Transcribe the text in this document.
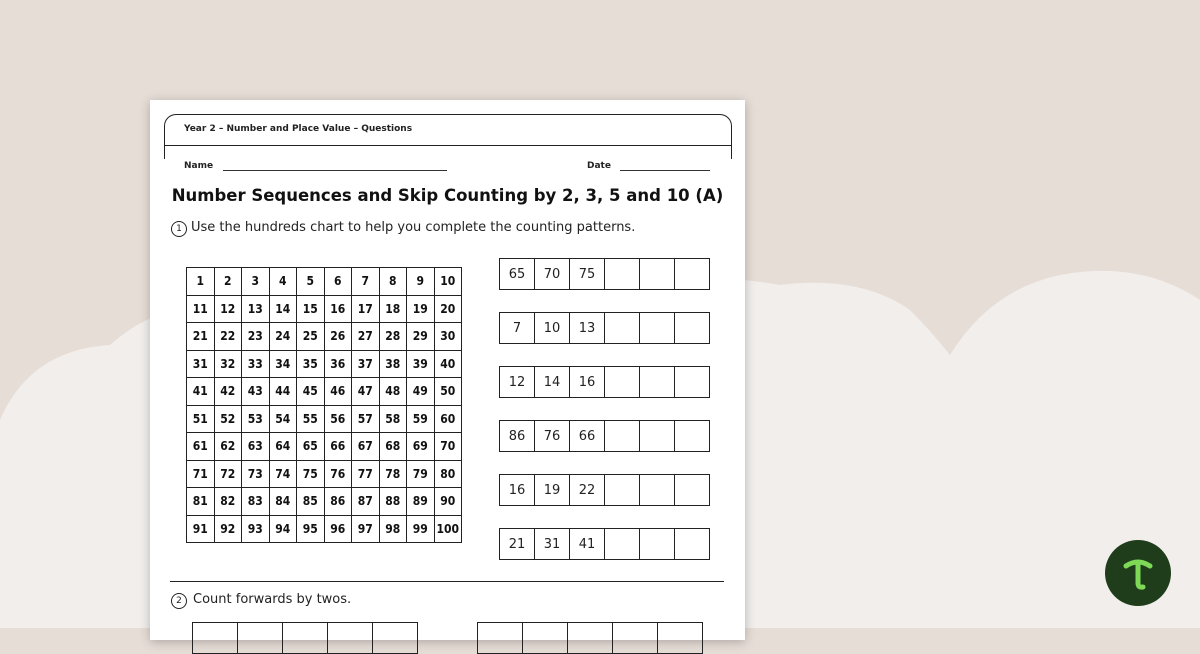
Year 2 – Number and Place Value – Questions
Name	Date
Number Sequences and Skip Counting by 2, 3, 5 and 10 (A)
1 Use the hundreds chart to help you complete the counting patterns.
1	2	3	4	5	6	7	8	9	10
11	12	13	14	15	16	17	18	19	20
21	22	23	24	25	26	27	28	29	30
31	32	33	34	35	36	37	38	39	40
41	42	43	44	45	46	47	48	49	50
51	52	53	54	55	56	57	58	59	60
61	62	63	64	65	66	67	68	69	70
71	72	73	74	75	76	77	78	79	80
81	82	83	84	85	86	87	88	89	90
91	92	93	94	95	96	97	98	99	100
65	70	75
7	10	13
12	14	16
86	76	66
16	19	22
21	31	41
2 Count forwards by twos.
